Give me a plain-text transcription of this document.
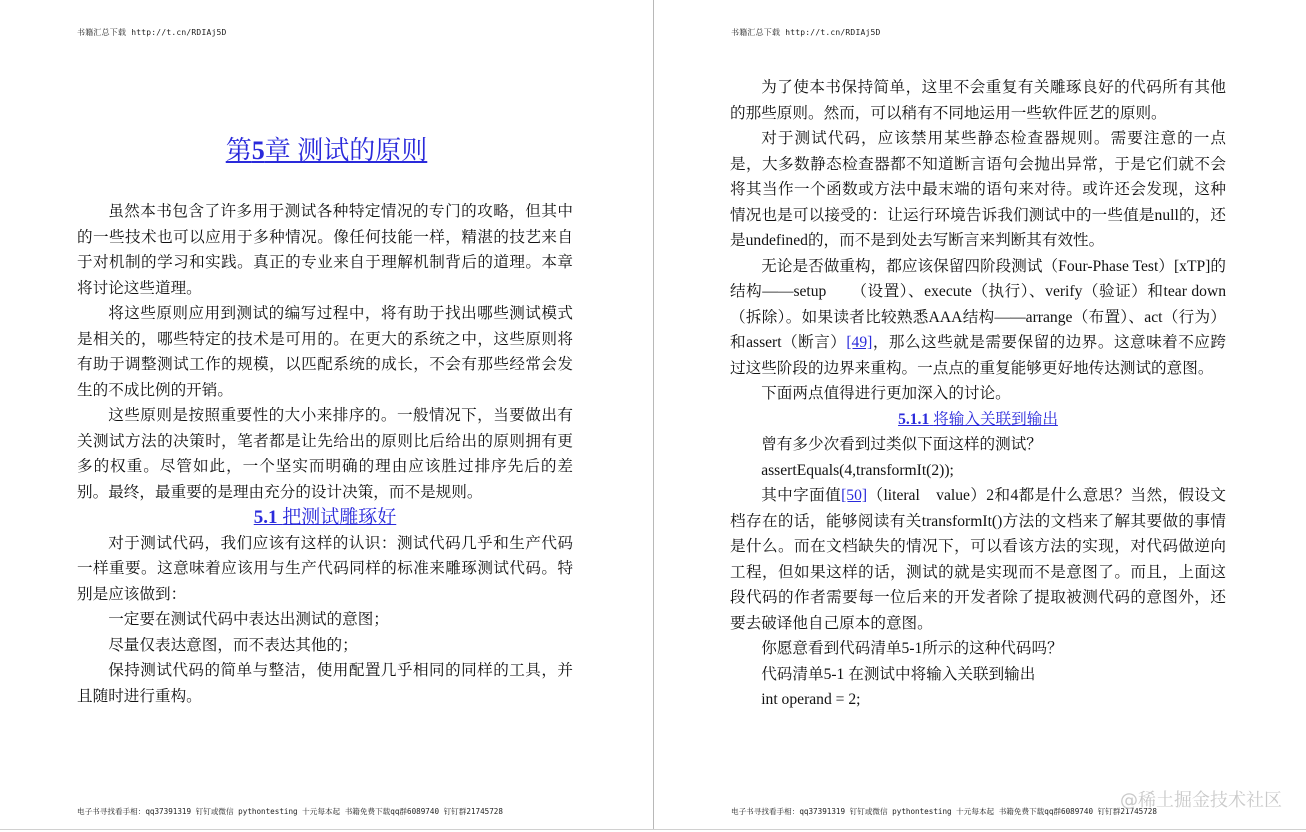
书籍汇总下载 http://t.cn/RDIAj5D
第5章 测试的原则

虽然本书包含了许多用于测试各种特定情况的专门的攻略，但其中的一些技术也可以应用于多种情况。像任何技能一样，精湛的技艺来自于对机制的学习和实践。真正的专业来自于理解机制背后的道理。本章将讨论这些道理。

将这些原则应用到测试的编写过程中，将有助于找出哪些测试模式是相关的，哪些特定的技术是可用的。在更大的系统之中，这些原则将有助于调整测试工作的规模，以匹配系统的成长，不会有那些经常会发生的不成比例的开销。

这些原则是按照重要性的大小来排序的。一般情况下，当要做出有关测试方法的决策时，笔者都是让先给出的原则比后给出的原则拥有更多的权重。尽管如此，一个坚实而明确的理由应该胜过排序先后的差别。最终，最重要的是理由充分的设计决策，而不是规则。

5.1 把测试雕琢好

对于测试代码，我们应该有这样的认识：测试代码几乎和生产代码一样重要。这意味着应该用与生产代码同样的标准来雕琢测试代码。特别是应该做到：

一定要在测试代码中表达出测试的意图；

尽量仅表达意图，而不表达其他的；

保持测试代码的简单与整洁，使用配置几乎相同的同样的工具，并且随时进行重构。

电子书寻找看手相：qq37391319 钉钉或微信 pythontesting 十元每本起 书籍免费下载qq群6089740 钉钉群21745728
书籍汇总下载 http://t.cn/RDIAj5D

为了使本书保持简单，这里不会重复有关雕琢良好的代码所有其他的那些原则。然而，可以稍有不同地运用一些软件匠艺的原则。

对于测试代码，应该禁用某些静态检查器规则。需要注意的一点是，大多数静态检查器都不知道断言语句会抛出异常，于是它们就不会将其当作一个函数或方法中最末端的语句来对待。或许还会发现，这种情况也是可以接受的：让运行环境告诉我们测试中的一些值是null的，还是undefined的，而不是到处去写断言来判断其有效性。

无论是否做重构，都应该保留四阶段测试（Four-Phase Test）[xTP]的结构——setup　　（设置）、execute（执行）、verify（验证）和tear down（拆除）。如果读者比较熟悉AAA结构——arrange（布置）、act（行为）和assert（断言）[49]，那么这些就是需要保留的边界。这意味着不应跨过这些阶段的边界来重构。一点点的重复能够更好地传达测试的意图。

下面两点值得进行更加深入的讨论。

5.1.1 将输入关联到输出

曾有多少次看到过类似下面这样的测试？

assertEquals(4,transformIt(2));

其中字面值[50]（literal　value）2和4都是什么意思？当然，假设文档存在的话，能够阅读有关transformIt()方法的文档来了解其要做的事情是什么。而在文档缺失的情况下，可以看该方法的实现，对代码做逆向工程，但如果这样的话，测试的就是实现而不是意图了。而且，上面这段代码的作者需要每一位后来的开发者除了提取被测代码的意图外，还要去破译他自己原本的意图。

你愿意看到代码清单5-1所示的这种代码吗？

代码清单5-1 在测试中将输入关联到输出

int operand = 2;

电子书寻找看手相：qq37391319 钉钉或微信 pythontesting 十元每本起 书籍免费下载qq群6089740 钉钉群21745728
@稀土掘金技术社区
